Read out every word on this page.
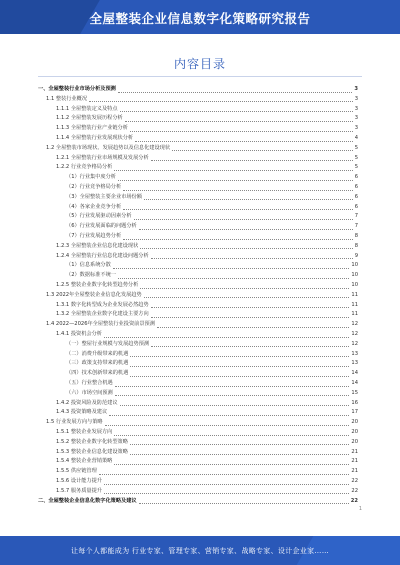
全屋整装企业信息数字化策略研究报告
内容目录
一、全屋整装行业市场分析及预测	3
1.1 整装行业概况	3
1.1.1 全屋整装定义及特点	3
1.1.2 全屋整装发展历程分析	3
1.1.3 全屋整装行业产业链分析	3
1.1.4 全屋整装行业发展现状分析	4
1.2 全屋整装市场现状、发展趋势以及信息化建设现状	5
1.2.1 全屋整装行业市场规模及发展分析	5
1.2.2 行业竞争格局分析	5
（1）行业集中度分析	6
（2）行业竞争格局分析	6
（3）全屋整装主要企业市场份额	6
（4）各家企业竞争分析	6
（5）行业发展驱动因素分析	7
（6）行业发展面临的问题分析	7
（7）行业发展趋势分析	8
1.2.3 全屋整装企业信息化建设现状	8
1.2.4 全屋整装行业信息化建设问题分析	9
（1）信息系统分散	10
（2）数据标准不统一	10
1.2.5 整装企业数字化转型趋势分析	10
1.3 2022年全屋整装企业信息化发展趋势	11
1.3.1 数字化转型成为企业发展必然趋势	11
1.3.2 全屋整装企业数字化建设主要方向	11
1.4 2022—2026年全屋整装行业投资前景预测	12
1.4.1 投资机会分析	12
（一）整屋行业规模与发展趋势预测	12
（二）消费升级带来的机遇	13
（三）政策支持带来的机遇	13
（四）技术创新带来的机遇	14
（五）行业整合机遇	14
（六）市场空间预测	15
1.4.2 投资风险及防范建议	16
1.4.3 投资策略及建议	17
1.5 行业发展方向与策略	20
1.5.1 整装企业发展方向	20
1.5.2 整装企业数字化转型策略	20
1.5.3 整装企业信息化建设策略	21
1.5.4 整装企业营销策略	21
1.5.5 供应链管理	21
1.5.6 设计能力提升	22
1.5.7 服务质量提升	22
二、全屋整装企业信息化数字化策略及建议	22
1
让每个人都能成为 行业专家、管理专家、营销专家、战略专家、设计企业家……
